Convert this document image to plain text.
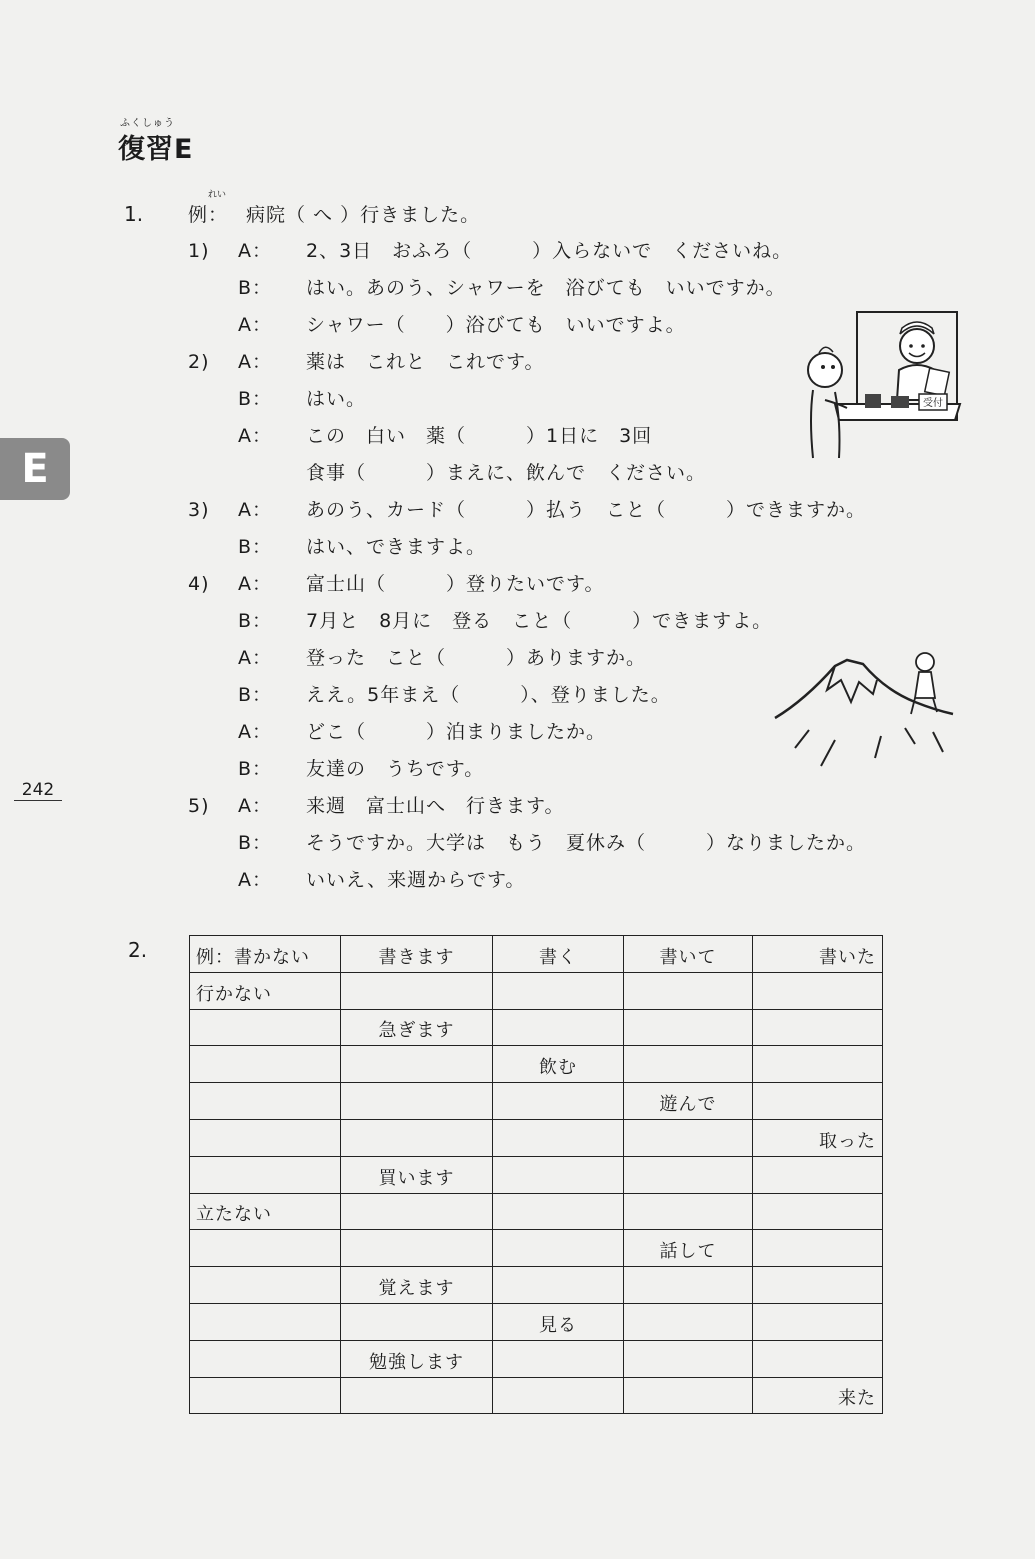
ふくしゅう
復習E
E
242
1.
れい
例： 病院（ へ ）行きました。
1) A： 2、3日　おふろ（　　　）入らないで　くださいね。
B： はい。あのう、シャワーを　浴びても　いいですか。
A： シャワー（　　）浴びても　いいですよ。
2) A： 薬は　これと　これです。
B： はい。
A： この　白い　薬（　　　）1日に　3回
食事（　　　）まえに、飲んで　ください。
3) A： あのう、カード（　　　）払う　こと（　　　）できますか。
B： はい、できますよ。
4) A： 富士山（　　　）登りたいです。
B： 7月と　8月に　登る　こと（　　　）できますよ。
A： 登った　こと（　　　）ありますか。
B： ええ。5年まえ（　　　）、登りました。
A： どこ（　　　）泊まりましたか。
B： 友達の　うちです。
5) A： 来週　富士山へ　行きます。
B： そうですか。大学は　もう　夏休み（　　　）なりましたか。
A： いいえ、来週からです。
受付
2.	例：書かない	書きます	書く	書いて	書いた
行かない				
	急ぎます			
		飲む		
			遊んで	
				取った
	買います			
立たない				
			話して	
	覚えます			
		見る		
	勉強します			
				来た
